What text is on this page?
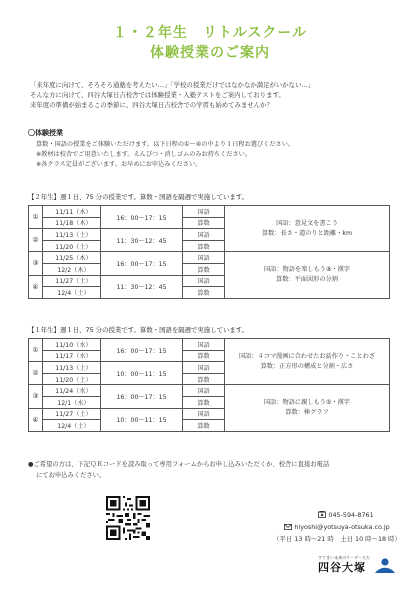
１・２年生　リトルスクール
体験授業のご案内
「来年度に向けて、そろそろ通塾を考えたい…」「学校の授業だけではなかなか満足がいかない…」
そんな方に向けて、四谷大塚日吉校舎では体験授業・入塾テストをご案内しております。
来年度の準備が始まるこの季節に、四谷大塚日吉校舎での学習も始めてみませんか？
〇体験授業
算数・国語の授業をご体験いただけます。以下日程の①～④の中より１日程お選びください。
※教材は校舎でご用意いたします。えんぴつ・消しゴムのみお持ちください。
※各クラス定員がございます。お早めにお申込みください。
【２年生】週１日、75 分の授業です。算数・国語を隔週で実施しています。
①	11/11（木）	16：00～17：15	国語	国語：意見文を書こう
算数：長さ・道のりと距離・km

	11/18（木）		算数	
②	11/13（土）	11：30～12：45	国語	
	11/20（土）		算数	
③	11/25（木）	16：00～17：15	国語	国語：物語を楽しもう⑧・漢字
算数：平面図形の分割

	12/2（木）		算数	
④	11/27（土）	11：30～12：45	国語	
	12/4（土）		算数	
【１年生】週１日、75 分の授業です。算数・国語を隔週で実施しています。
①	11/10（水）	16：00～17：15	国語	国語：４コマ漫画に合わせたお話作り・ことわざ
算数：正方形の構成と分割・広さ

	11/17（水）		算数	
②	11/13（土）	10：00～11：15	国語	
	11/20（土）		算数	
③	11/24（水）	16：00～17：15	国語	国語：物語に親しもう⑤・漢字
算数：棒グラフ

	12/1（水）		算数	
④	11/27（土）	10：00～11：15	国語	
	12/4（土）		算数	
●ご希望の方は、下記ＱＲコードを読み取って専用フォームからお申し込みいただくか、校舎に直接お電話
にてお申込みください。
045-594-8761
hiyoshi@yotsuya-otsuka.co.jp
（平日 13 時～21 時　土日 10 時～18 時）
すてきい未来のリーダーたち
四谷大塚
